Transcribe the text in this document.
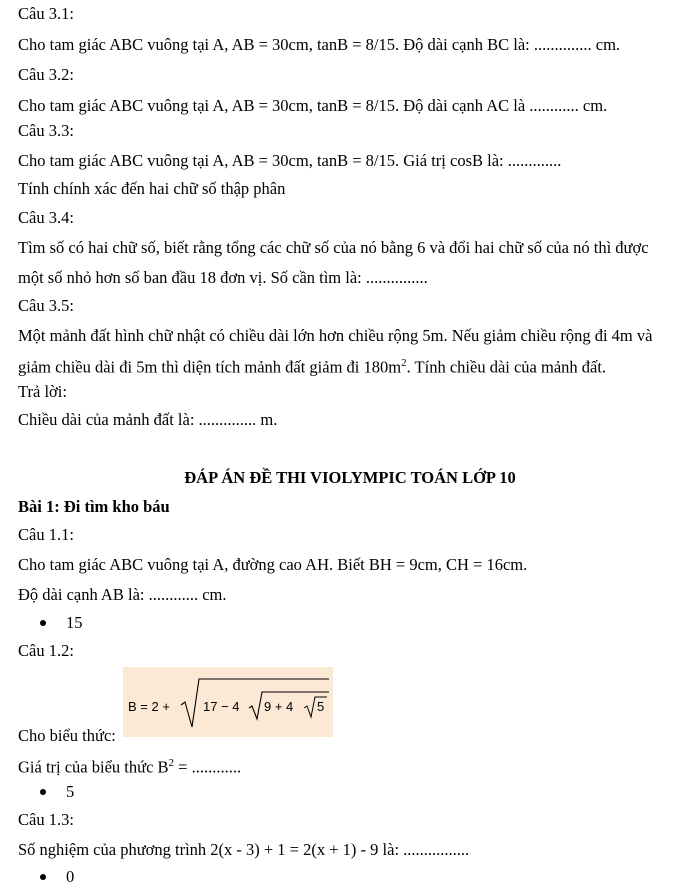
Câu 3.1:
Cho tam giác ABC vuông tại A, AB = 30cm, tanB = 8/15. Độ dài cạnh BC là: .............. cm.
Câu 3.2:
Cho tam giác ABC vuông tại A, AB = 30cm, tanB = 8/15. Độ dài cạnh AC là ............ cm.
Câu 3.3:
Cho tam giác ABC vuông tại A, AB = 30cm, tanB = 8/15. Giá trị cosB là: .............
Tính chính xác đến hai chữ số thập phân
Câu 3.4:
Tìm số có hai chữ số, biết rằng tổng các chữ số của nó bằng 6 và đổi hai chữ số của nó thì được
một số nhỏ hơn số ban đầu 18 đơn vị. Số cần tìm là: ...............
Câu 3.5:
Một mảnh đất hình chữ nhật có chiều dài lớn hơn chiều rộng 5m. Nếu giảm chiều rộng đi 4m và
giảm chiều dài đi 5m thì diện tích mảnh đất giảm đi $180m^2$. Tính chiều dài của mảnh đất.
Trả lời:
Chiều dài của mảnh đất là: .............. m.
ĐÁP ÁN ĐỀ THI VIOLYMPIC TOÁN LỚP 10
Bài 1: Đi tìm kho báu
Câu 1.1:
Cho tam giác ABC vuông tại A, đường cao AH. Biết BH = 9cm, CH = 16cm.
Độ dài cạnh AB là: ............ cm.
15
Câu 1.2:
B = 2 +	17 − 4 9 + 4 5
Cho biểu thức:
Giá trị của biểu thức $B^2$ = ............
5
Câu 1.3:
Số nghiệm của phương trình 2(x - 3) + 1 = 2(x + 1) - 9 là: ................
0
